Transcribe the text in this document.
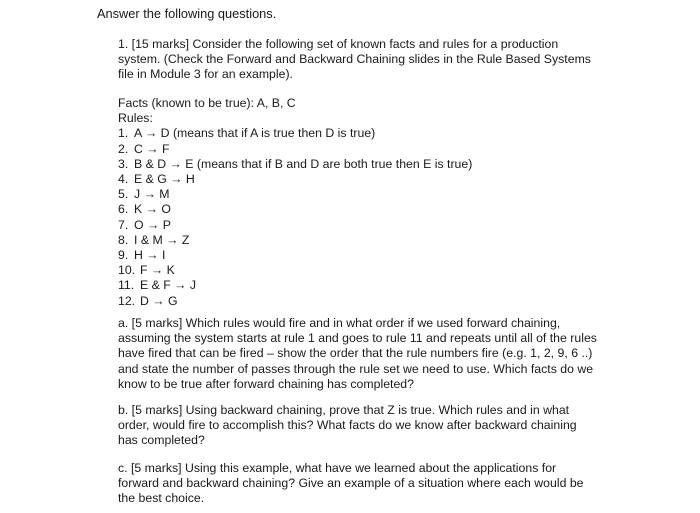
Answer the following questions.

1. [15 marks] Consider the following set of known facts and rules for a production system. (Check the Forward and Backward Chaining slides in the Rule Based Systems file in Module 3 for an example).

Facts (known to be true): A, B, C
Rules:
1. A → D (means that if A is true then D is true)
2. C → F
3. B & D → E (means that if B and D are both true then E is true)
4. E & G → H
5. J → M
6. K → O
7. O → P
8. I & M → Z
9. H → I
10. F → K
11. E & F → J
12. D → G

a. [5 marks] Which rules would fire and in what order if we used forward chaining, assuming the system starts at rule 1 and goes to rule 11 and repeats until all of the rules have fired that can be fired – show the order that the rule numbers fire (e.g. 1, 2, 9, 6 ..) and state the number of passes through the rule set we need to use. Which facts do we know to be true after forward chaining has completed?

b. [5 marks] Using backward chaining, prove that Z is true. Which rules and in what order, would fire to accomplish this? What facts do we know after backward chaining has completed?

c. [5 marks] Using this example, what have we learned about the applications for forward and backward chaining? Give an example of a situation where each would be the best choice.
